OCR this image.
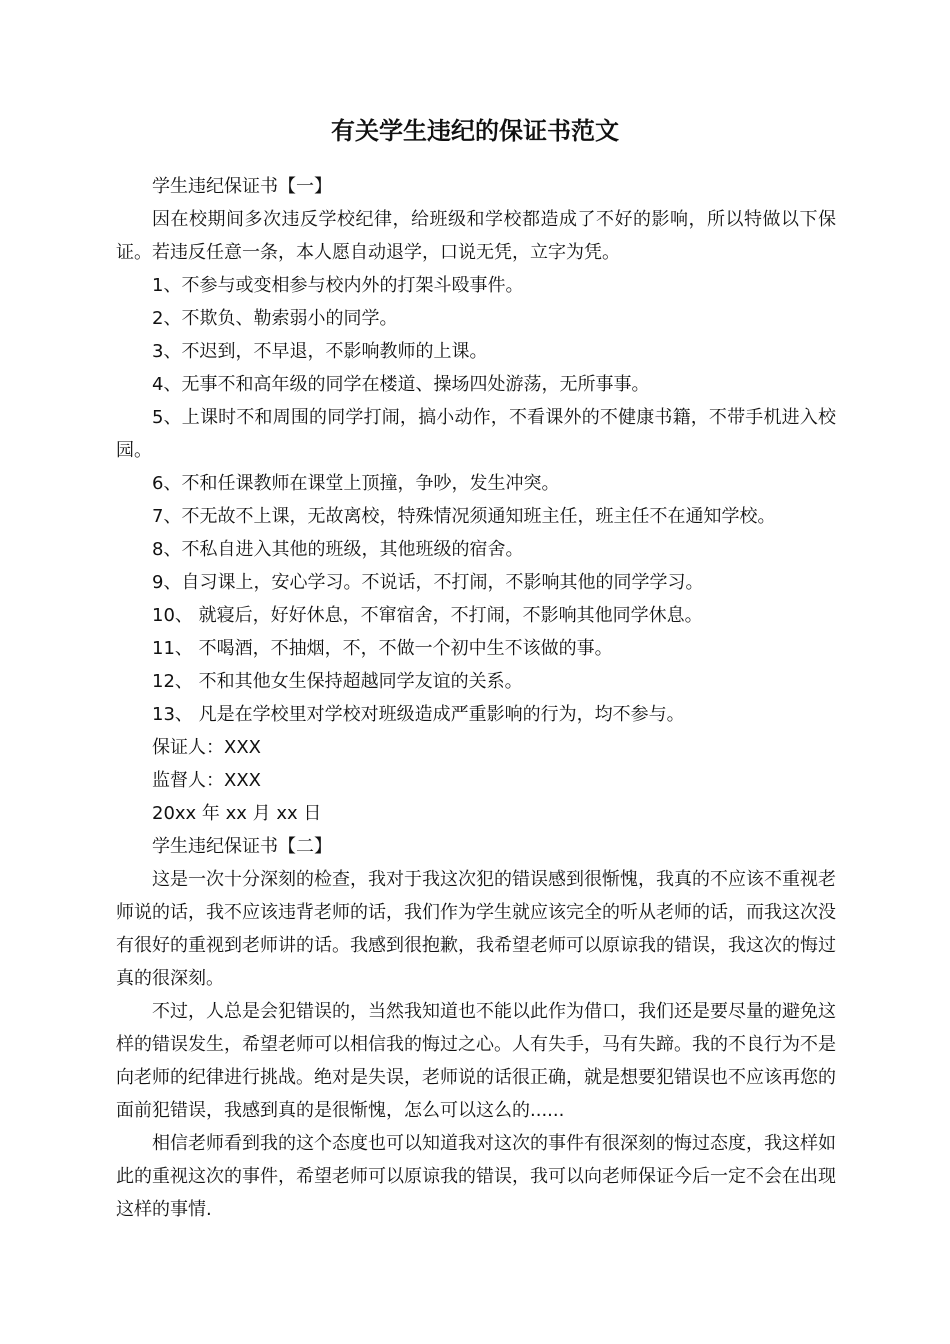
有关学生违纪的保证书范文

学生违纪保证书【一】

因在校期间多次违反学校纪律，给班级和学校都造成了不好的影响，所以特做以下保证。若违反任意一条，本人愿自动退学，口说无凭，立字为凭。

1、不参与或变相参与校内外的打架斗殴事件。

2、不欺负、勒索弱小的同学。

3、不迟到，不早退，不影响教师的上课。

4、无事不和高年级的同学在楼道、操场四处游荡，无所事事。

5、上课时不和周围的同学打闹，搞小动作，不看课外的不健康书籍，不带手机进入校园。

6、不和任课教师在课堂上顶撞，争吵，发生冲突。

7、不无故不上课，无故离校，特殊情况须通知班主任，班主任不在通知学校。

8、不私自进入其他的班级，其他班级的宿舍。

9、自习课上，安心学习。不说话，不打闹，不影响其他的同学学习。

10、 就寝后，好好休息，不窜宿舍，不打闹，不影响其他同学休息。

11、 不喝酒，不抽烟，不，不做一个初中生不该做的事。

12、 不和其他女生保持超越同学友谊的关系。

13、 凡是在学校里对学校对班级造成严重影响的行为，均不参与。

保证人：XXX

监督人：XXX

20xx 年 xx 月 xx 日

学生违纪保证书【二】

这是一次十分深刻的检查，我对于我这次犯的错误感到很惭愧，我真的不应该不重视老师说的话，我不应该违背老师的话，我们作为学生就应该完全的听从老师的话，而我这次没有很好的重视到老师讲的话。我感到很抱歉，我希望老师可以原谅我的错误，我这次的悔过真的很深刻。

不过，人总是会犯错误的，当然我知道也不能以此作为借口，我们还是要尽量的避免这样的错误发生，希望老师可以相信我的悔过之心。人有失手，马有失蹄。我的不良行为不是向老师的纪律进行挑战。绝对是失误，老师说的话很正确，就是想要犯错误也不应该再您的面前犯错误，我感到真的是很惭愧，怎么可以这么的......

相信老师看到我的这个态度也可以知道我对这次的事件有很深刻的悔过态度，我这样如此的重视这次的事件，希望老师可以原谅我的错误，我可以向老师保证今后一定不会在出现这样的事情.
